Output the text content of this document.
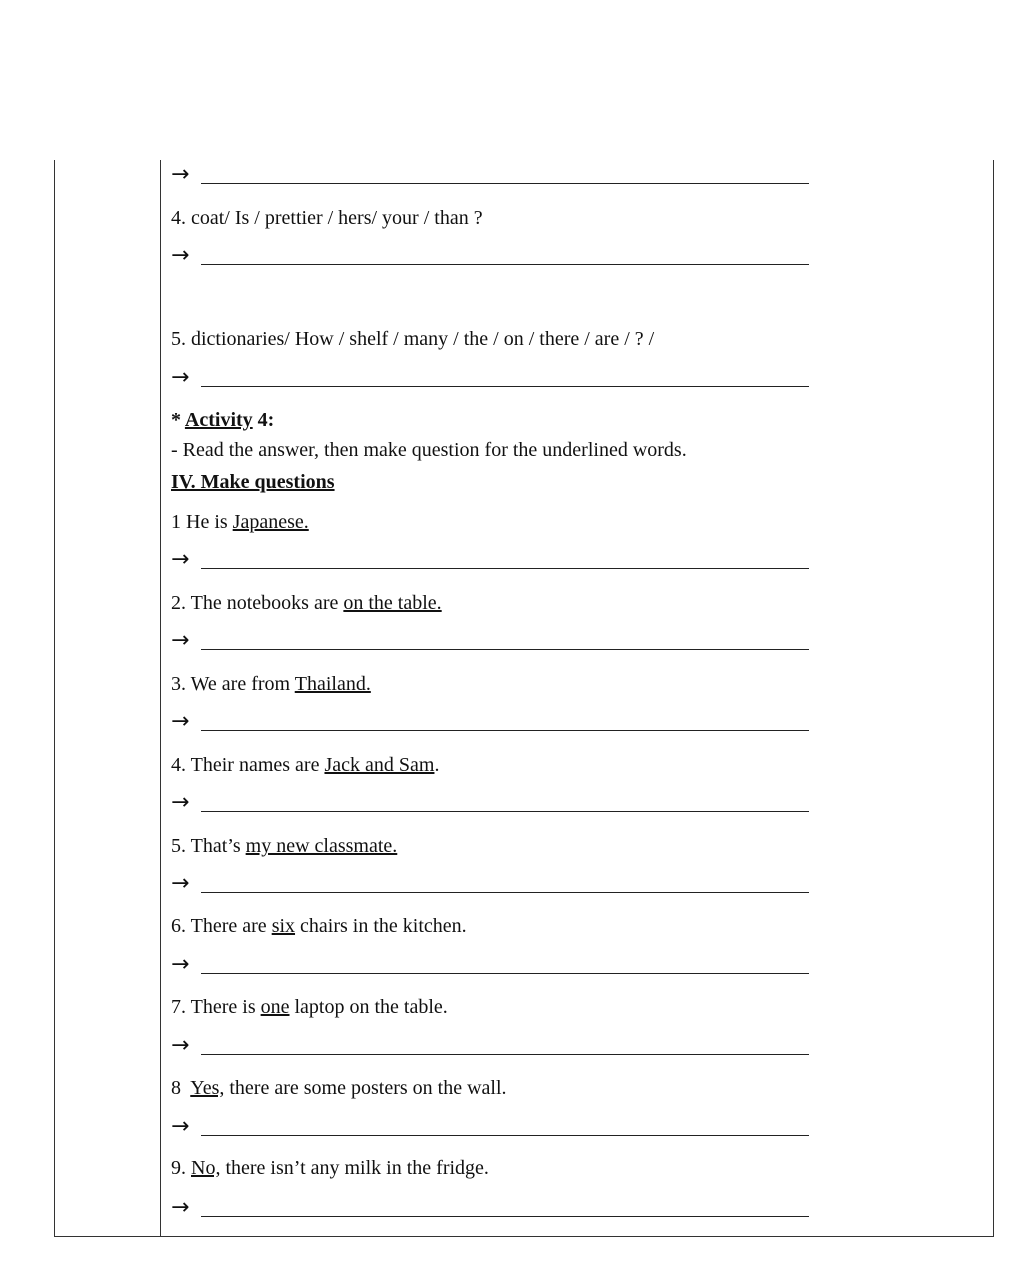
→
4. coat/ Is / prettier / hers/ your / than ?
→
5. dictionaries/ How / shelf / many / the / on / there / are / ? /
→
* Activity 4:
- Read the answer, then make question for the underlined words.
IV. Make questions
1 He is Japanese.
→
2. The notebooks are on the table.
→
3. We are from Thailand.
→
4. Their names are Jack and Sam.
→
5. That’s my new classmate.
→
6. There are six chairs in the kitchen.
→
7. There is one laptop on the table.
→
8  Yes, there are some posters on the wall.
→
9. No, there isn’t any milk in the fridge.
→
